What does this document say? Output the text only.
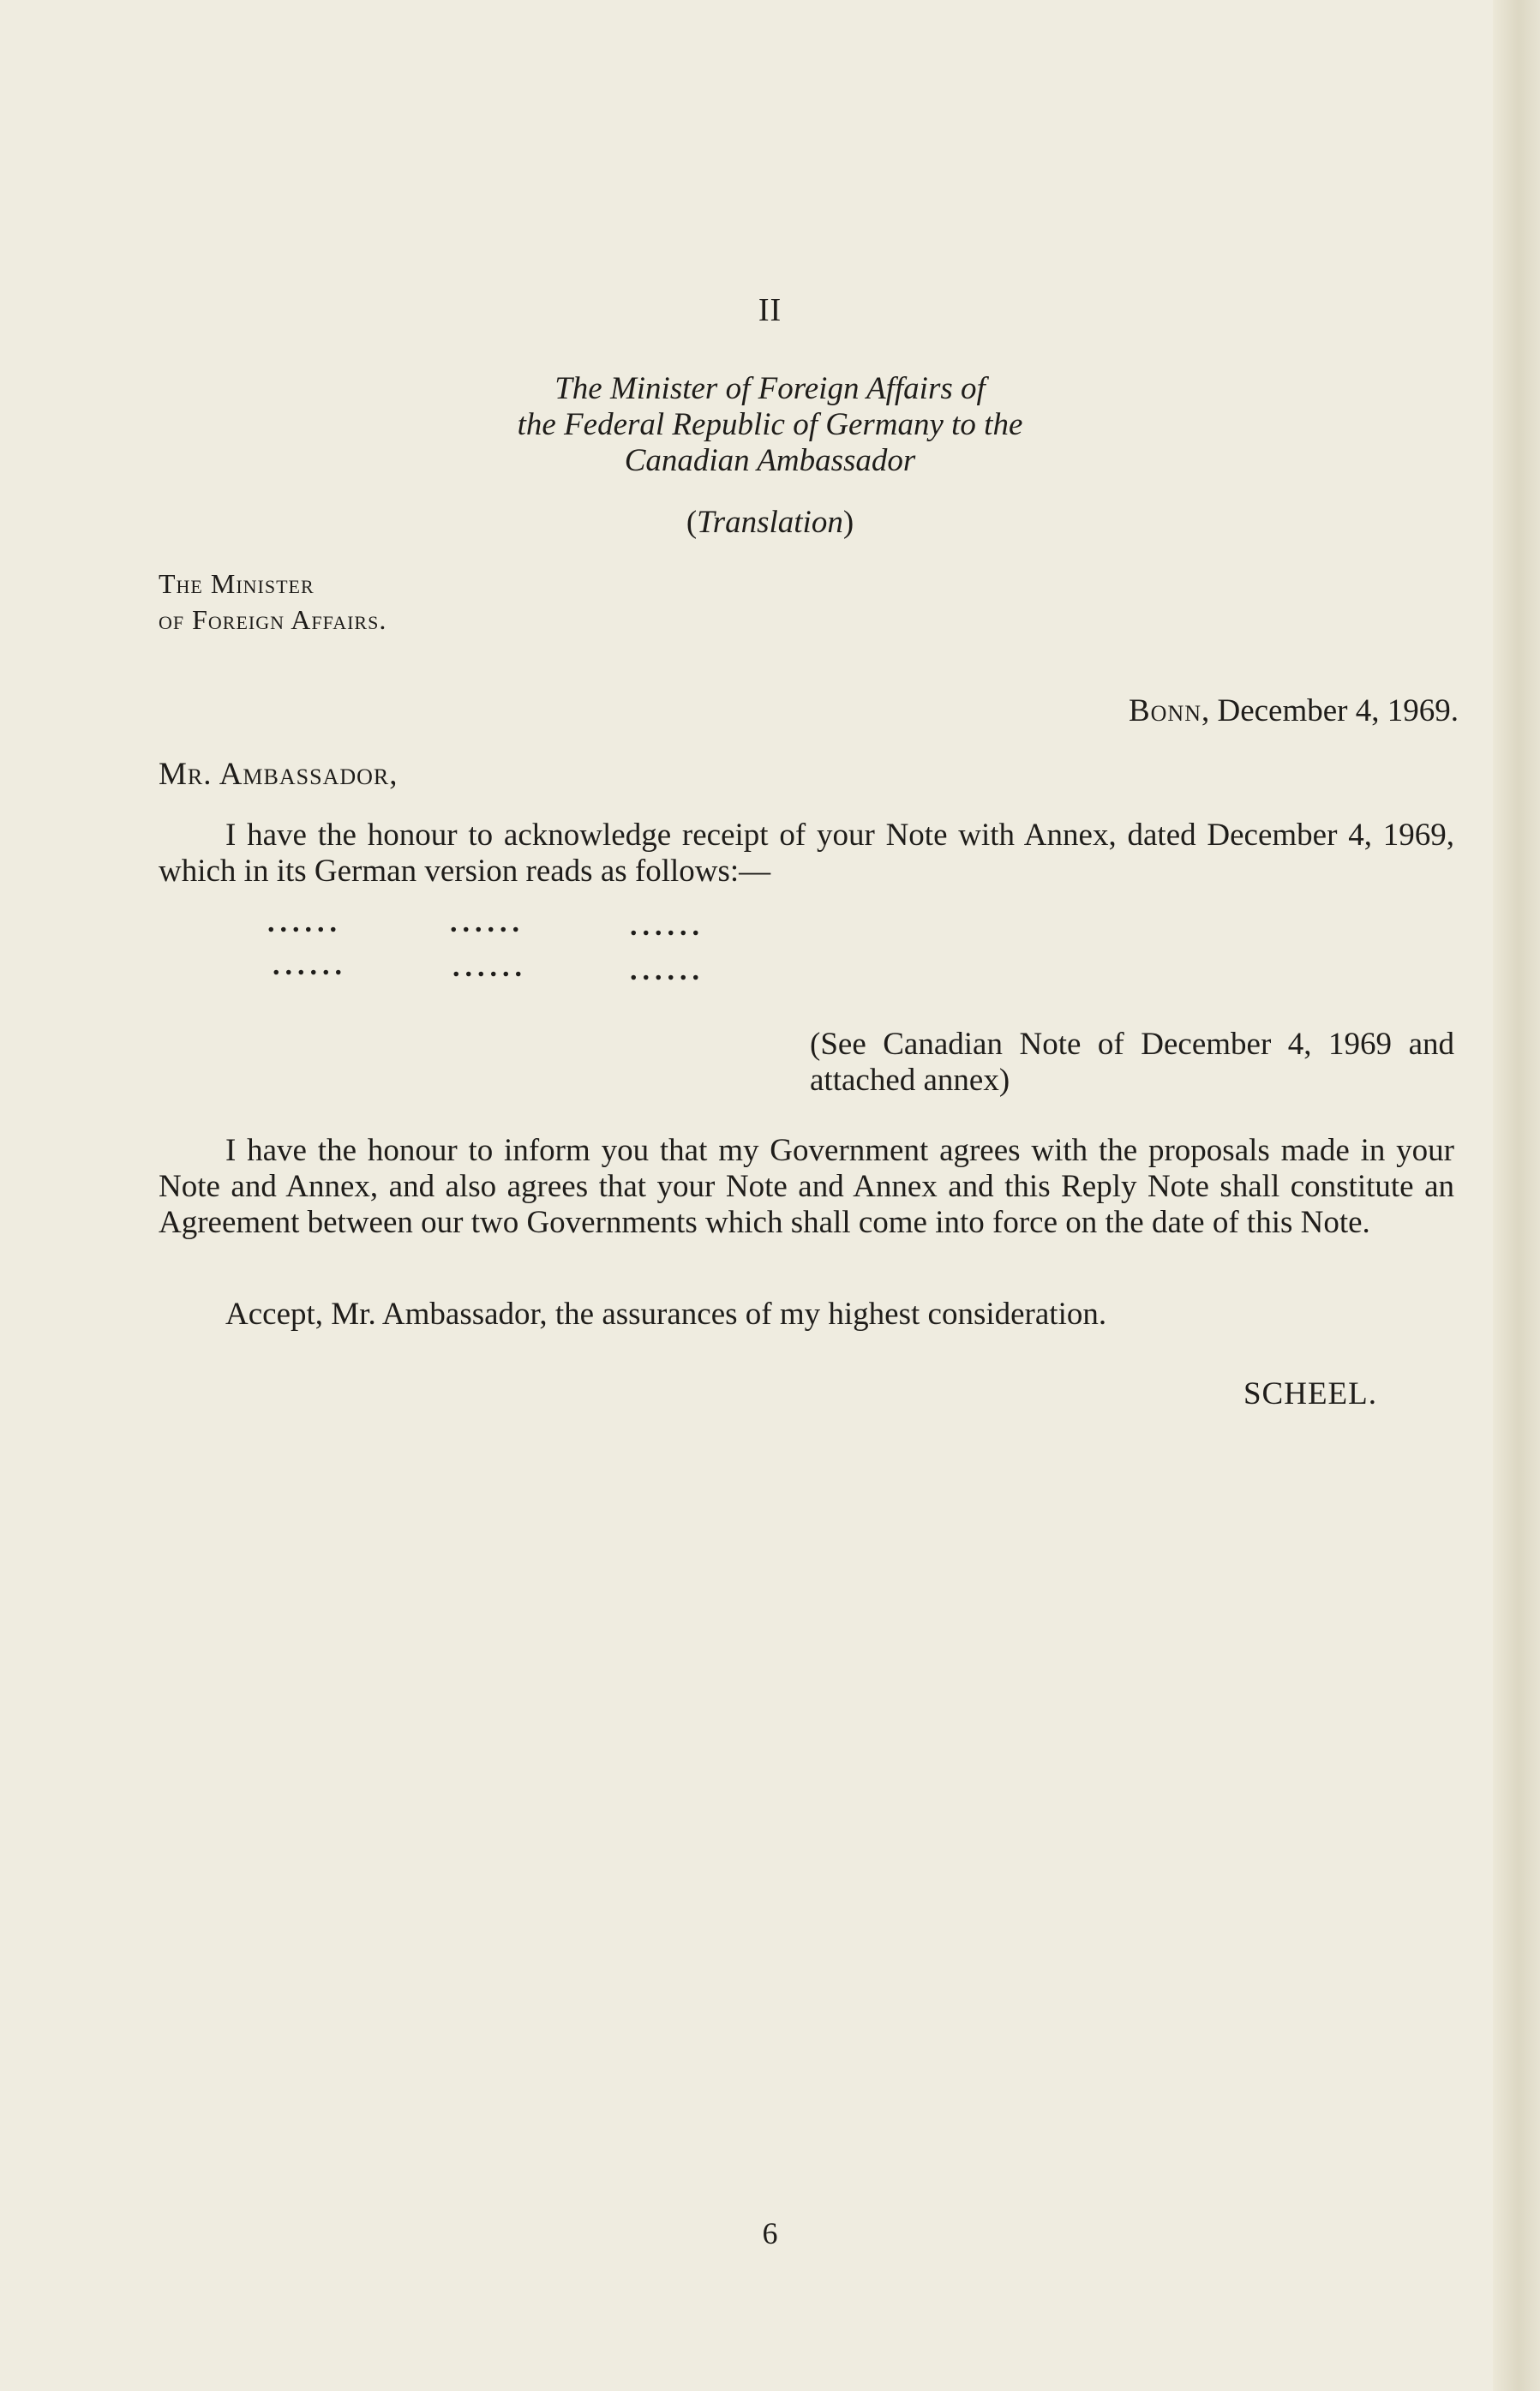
II
The Minister of Foreign Affairs of
the Federal Republic of Germany to the
Canadian Ambassador
(Translation)
The Minister
of Foreign Affairs.
Bonn, December 4, 1969.
Mr. Ambassador,
I have the honour to acknowledge receipt of your Note with Annex, dated December 4, 1969, which in its German version reads as follows:—
......	......	......
......	......	......
(See Canadian Note of December 4, 1969 and attached annex)
I have the honour to inform you that my Government agrees with the proposals made in your Note and Annex, and also agrees that your Note and Annex and this Reply Note shall constitute an Agreement between our two Governments which shall come into force on the date of this Note.
Accept, Mr. Ambassador, the assurances of my highest consideration.
SCHEEL.
6
